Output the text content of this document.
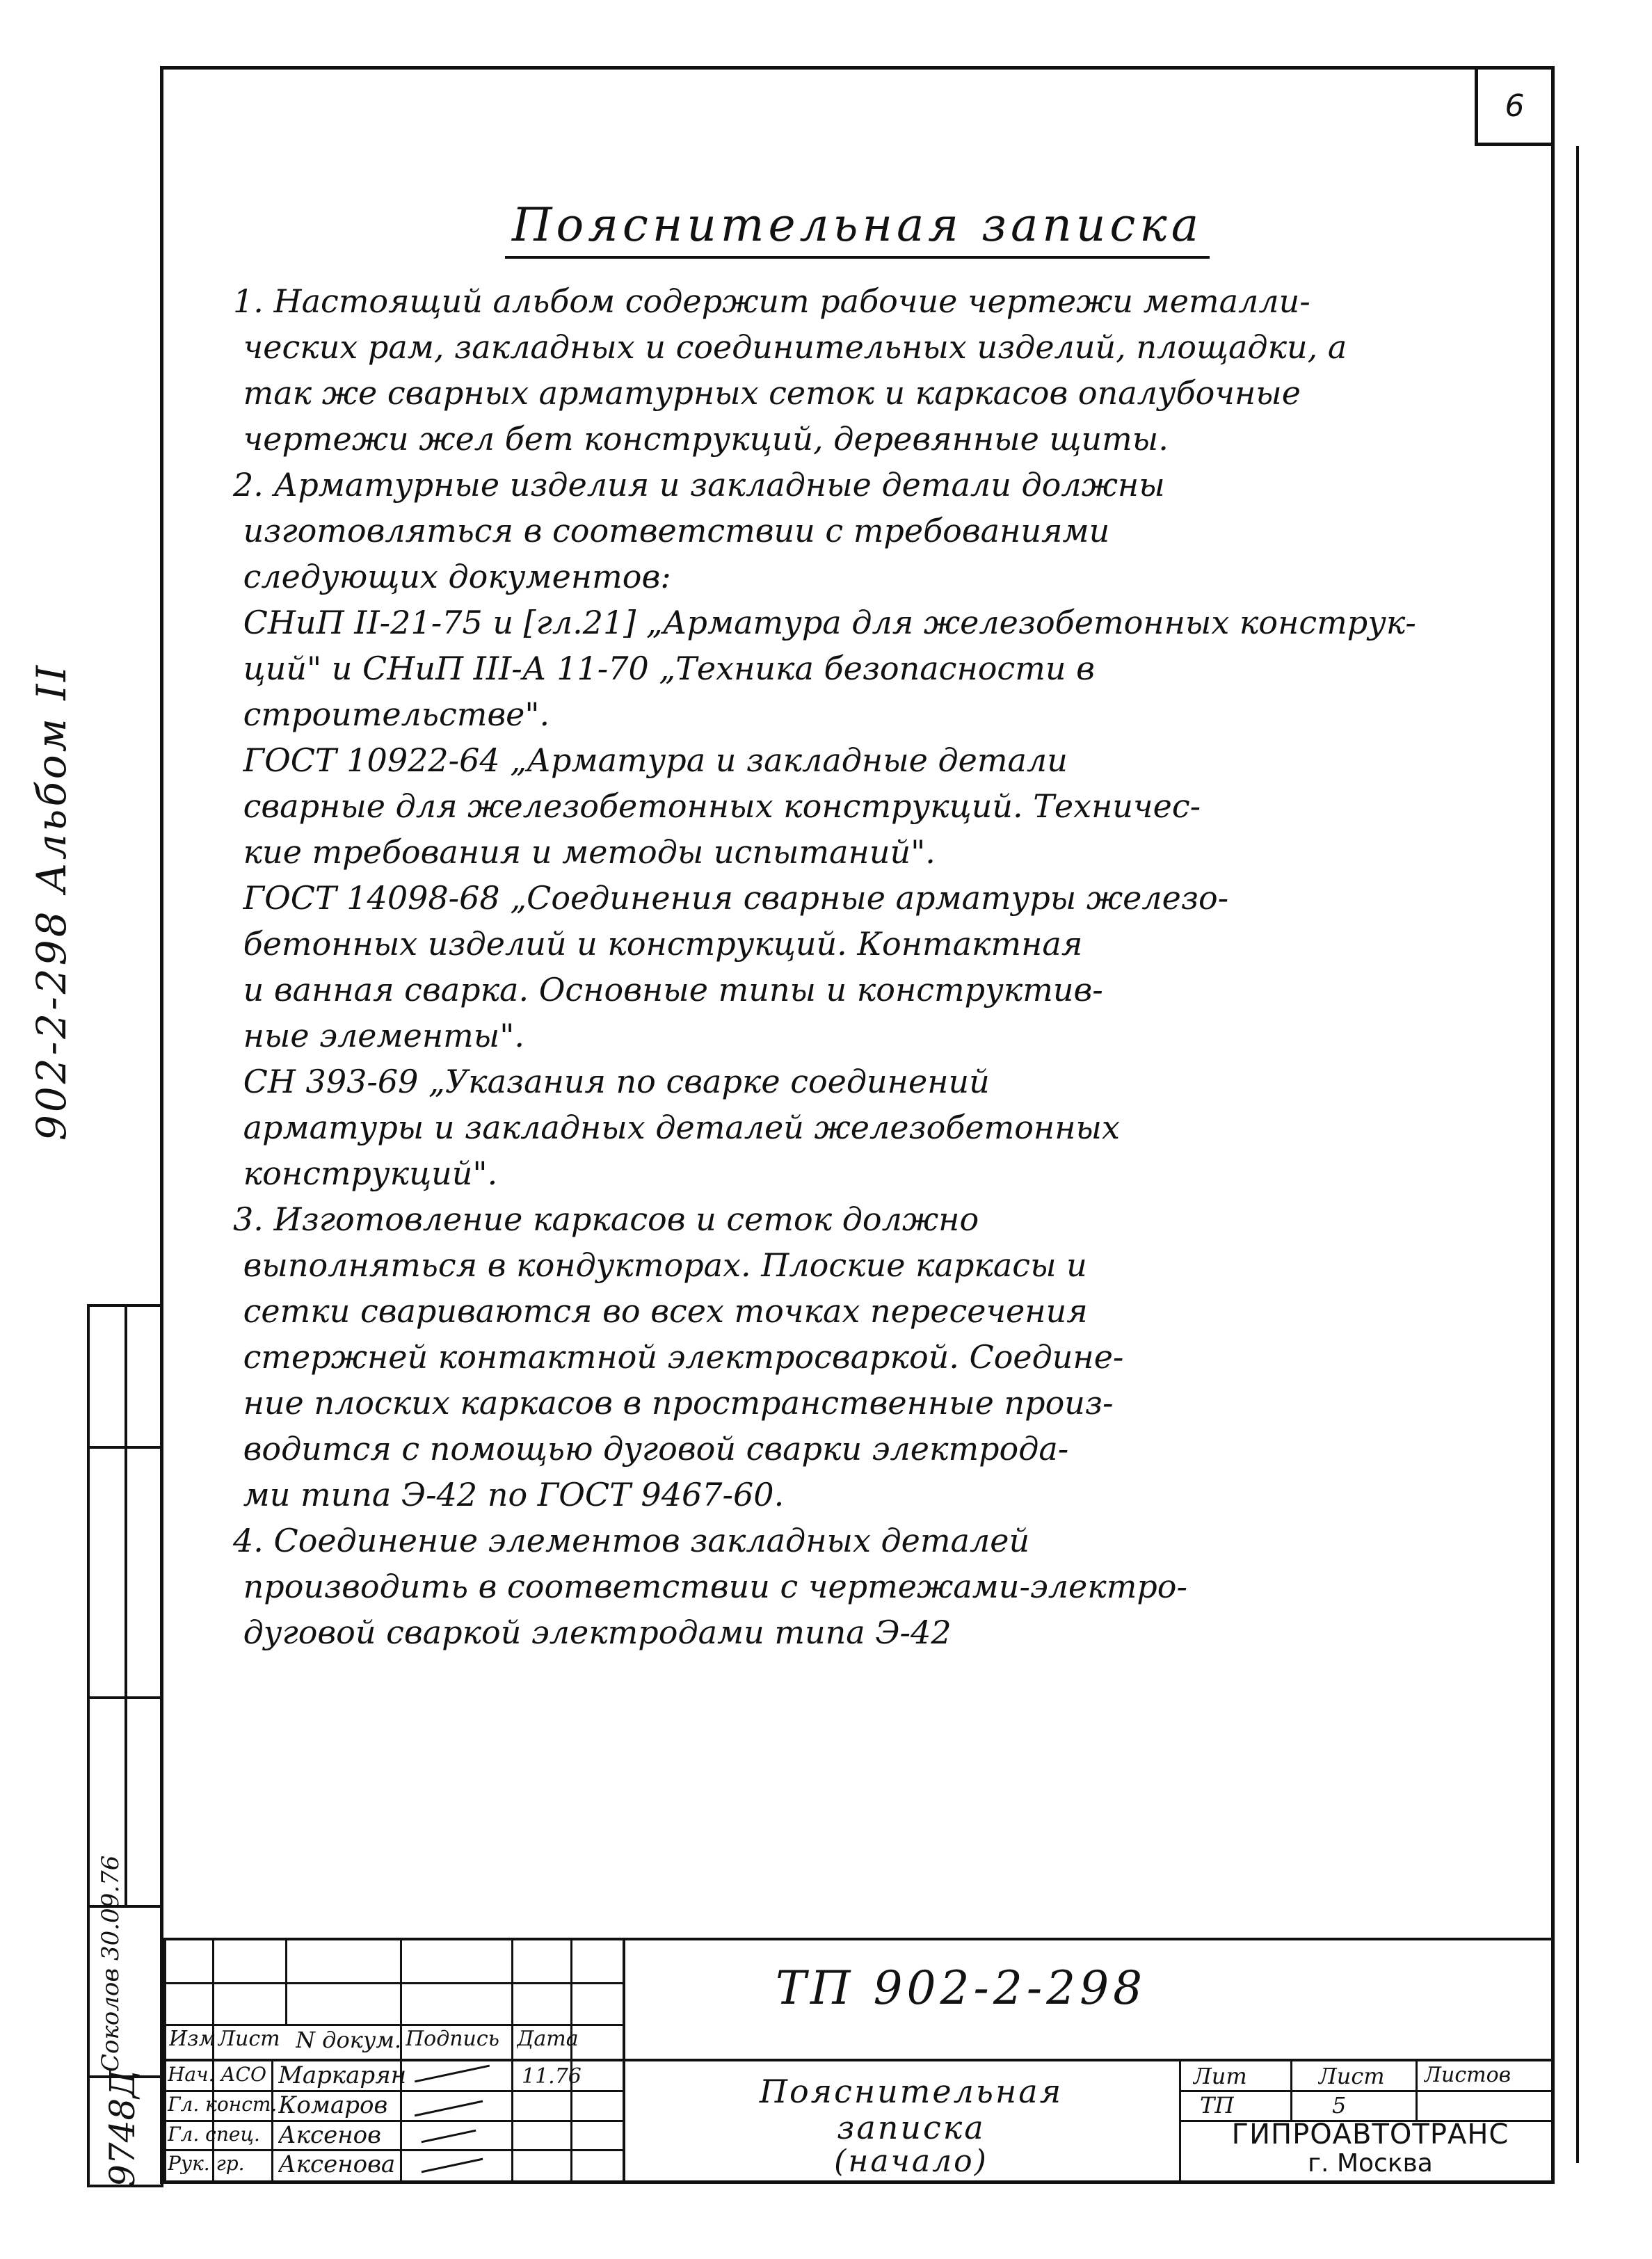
6
Пояснительная записка
1. Настоящий альбом содержит рабочие чертежи металли-
ческих рам, закладных и соединительных изделий, площадки, а
так же сварных арматурных сеток и каркасов опалубочные
чертежи жел бет конструкций, деревянные щиты.
2. Арматурные изделия и закладные детали должны
изготовляться в соответствии с требованиями
следующих документов:
СНиП II-21-75 и [гл.21] „Арматура для железобетонных конструк-
ций" и СНиП III-А 11-70 „Техника безопасности в
строительстве".
ГОСТ 10922-64 „Арматура и закладные детали
сварные для железобетонных конструкций. Техничес-
кие требования и методы испытаний".
ГОСТ 14098-68 „Соединения сварные арматуры железо-
бетонных изделий и конструкций. Контактная
и ванная сварка. Основные типы и конструктив-
ные элементы".
СН 393-69 „Указания по сварке соединений
арматуры и закладных деталей железобетонных
конструкций".
3. Изготовление каркасов и сеток должно
выполняться в кондукторах. Плоские каркасы и
сетки свариваются во всех точках пересечения
стержней контактной электросваркой. Соедине-
ние плоских каркасов в пространственные произ-
водится с помощью дуговой сварки электрода-
ми типа Э-42 по ГОСТ 9467-60.
4. Соединение элементов закладных деталей
производить в соответствии с чертежами-электро-
дуговой сваркой электродами типа Э-42
902-2-298 Альбом II
Соколов 30.09.76
9748Д
Изм Лист N докум. Подпись Дата
Нач. АСО Маркарян
Гл. конст. Комаров
Гл. спец. Аксенов
Рук. гр. Аксенова
11.76
ТП 902-2-298
Пояснительная
записка
(начало)
Лит	Лист Листов
ТП	5
ГИПРОАВТОТРАНС
г. Москва
